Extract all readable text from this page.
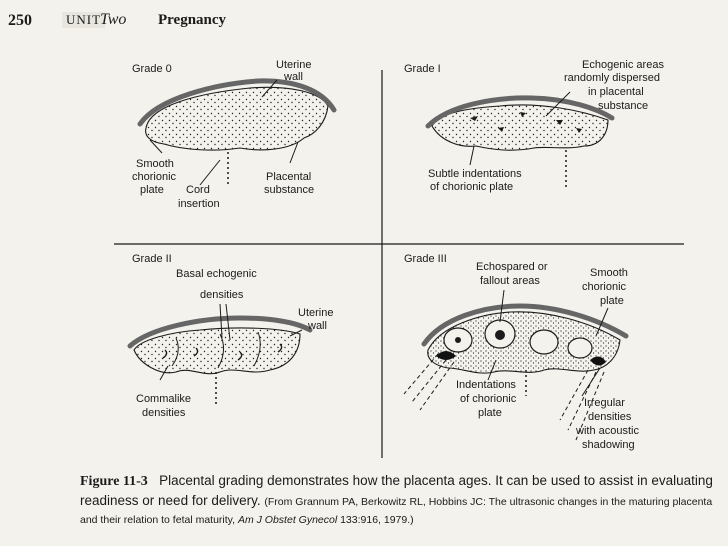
250	UNIT
Two Pregnancy
Grade 0	Uterine
wall
Smooth
chorionic
plate Cord
insertion
Placental
substance
Grade I	Echogenic areas
randomly dispersed
in placental
substance
Subtle indentations
of chorionic plate
Grade II
Basal echogenic
densities
Uterine
wall
Commalike
densities
Grade III
Echospared or
fallout areas
Smooth
chorionic
plate
Indentations
of chorionic
plate
Irregular
densities
with acoustic
shadowing
Figure 11-3 Placental grading demonstrates how the placenta ages. It can be used to assist in evaluating readiness or need for delivery. (From Grannum PA, Berkowitz RL, Hobbins JC: The ultrasonic changes in the maturing placenta and their relation to fetal maturity, Am J Obstet Gynecol 133:916, 1979.)
